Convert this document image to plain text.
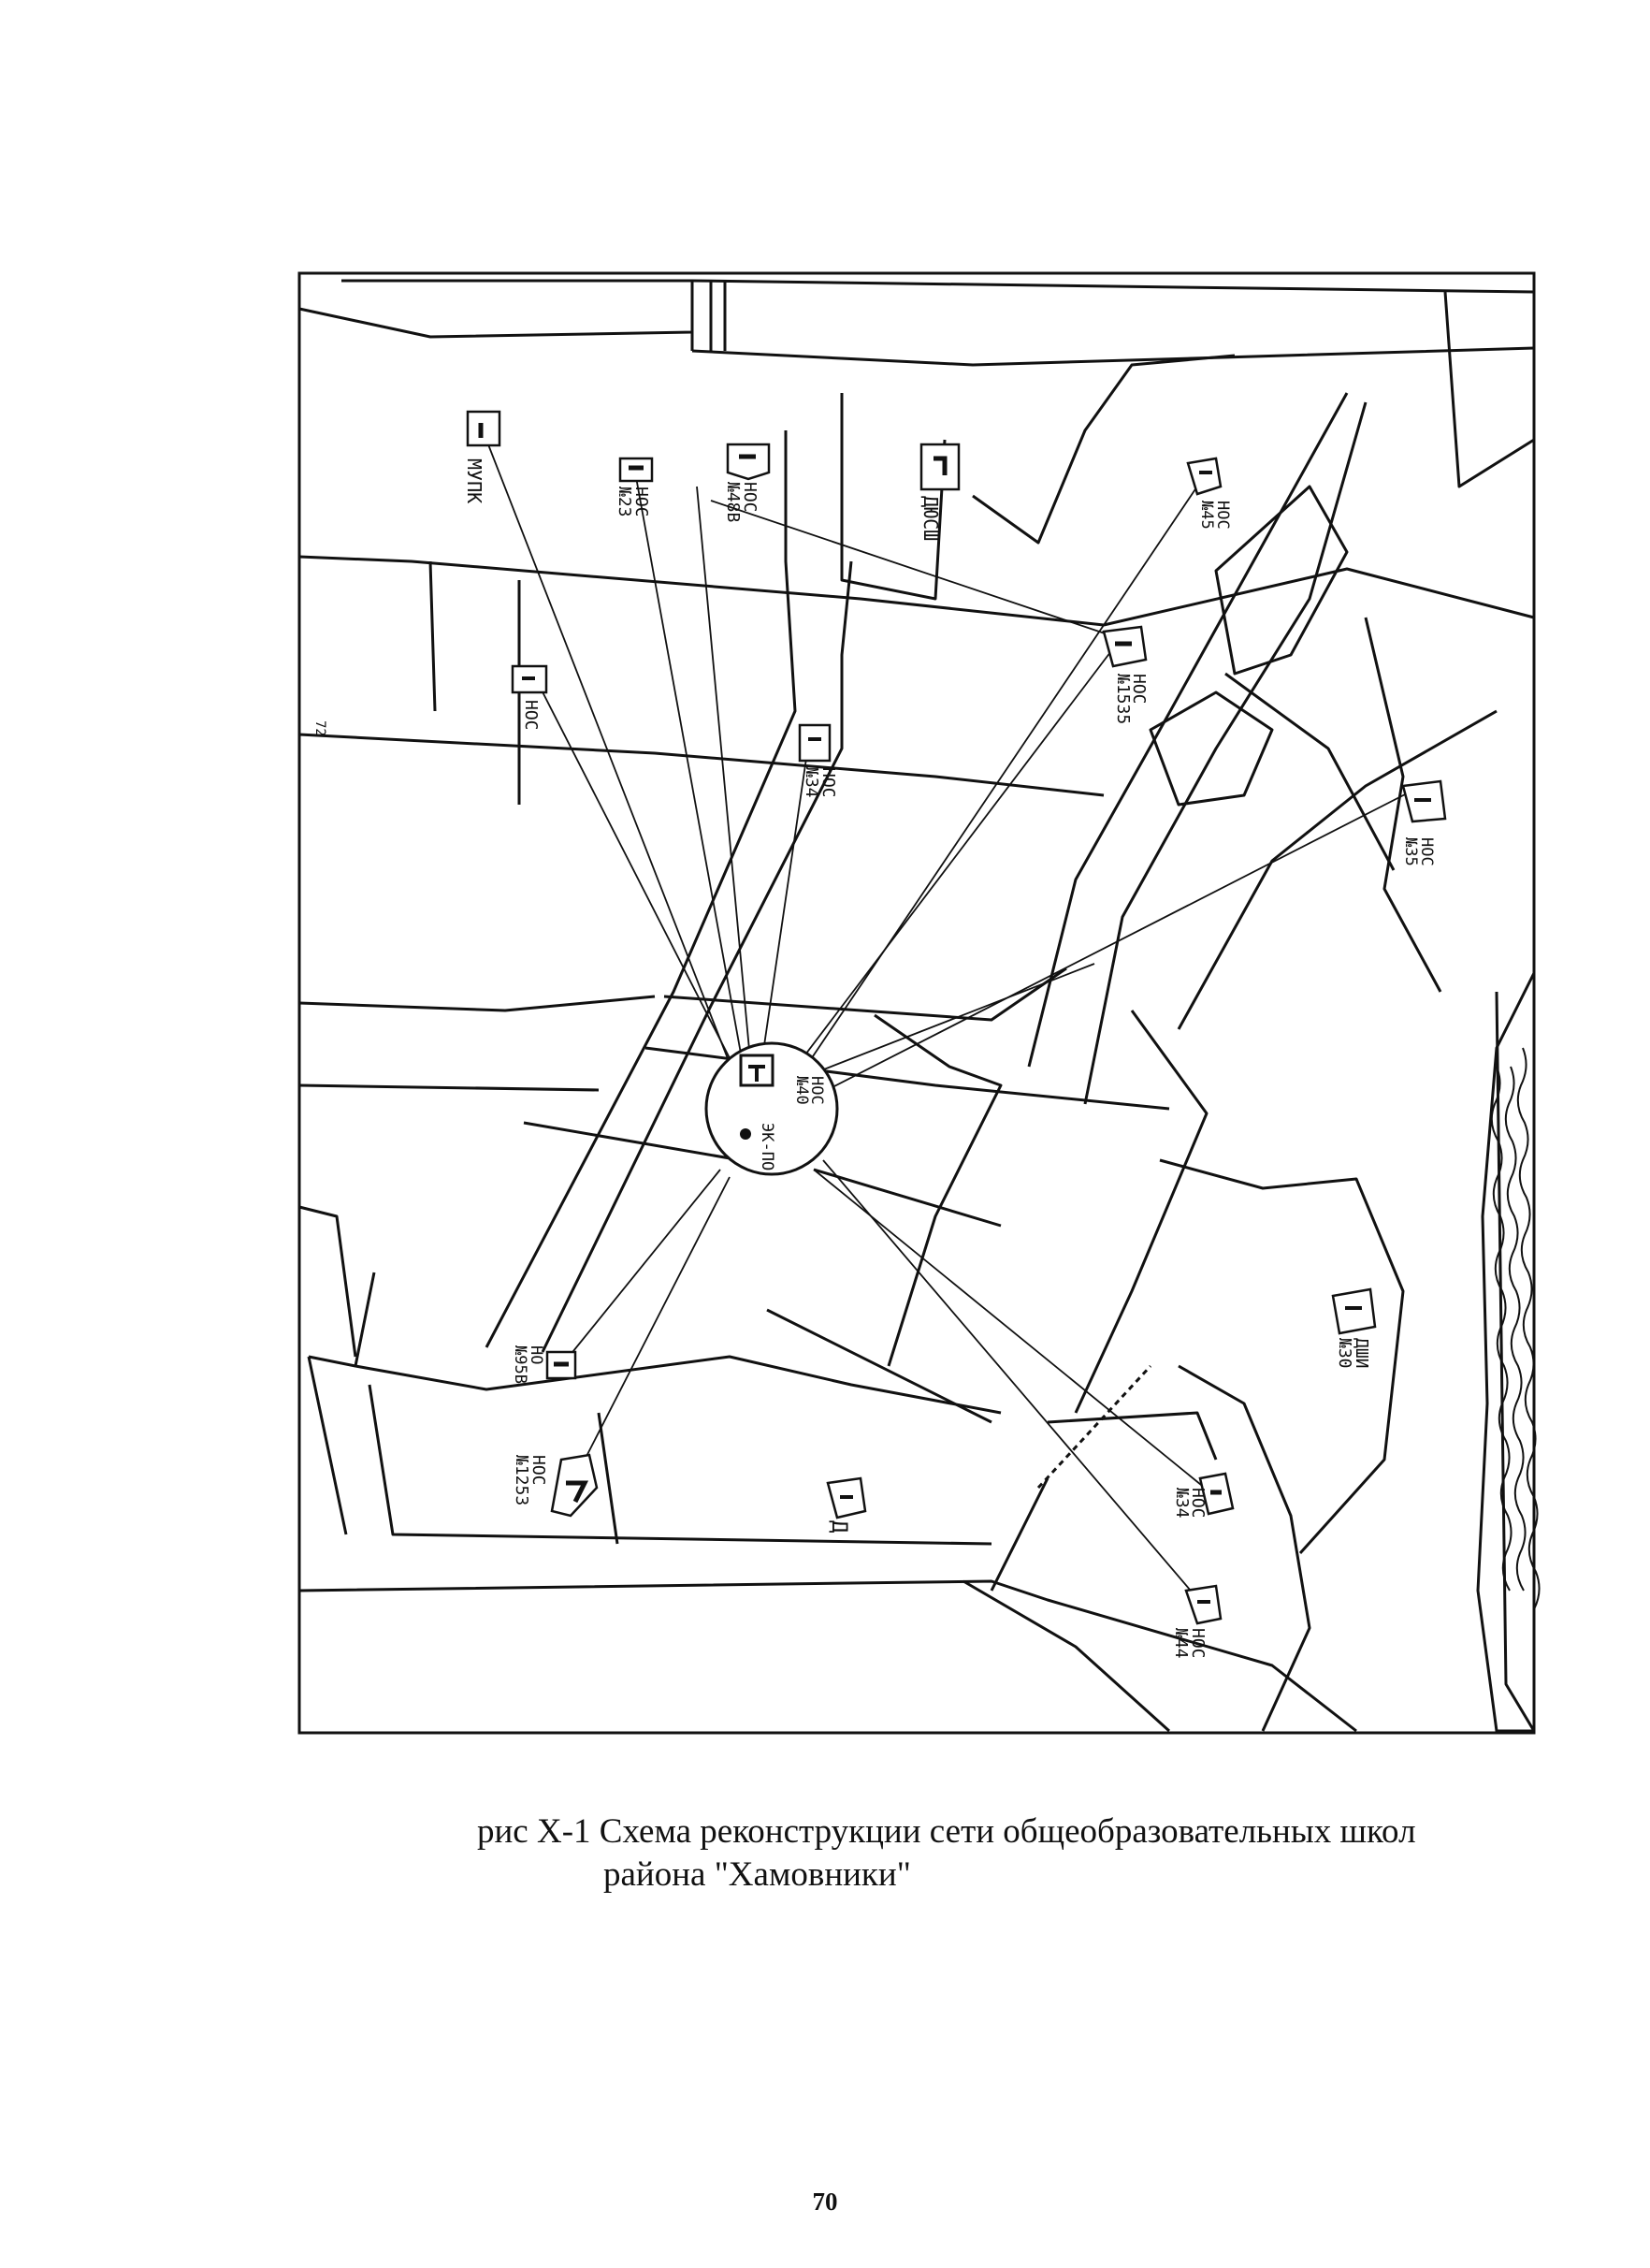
НОС
№40
ЭК-ПО
МУПК	НОС
№23	НОС
№48В	ДЮСШ	НОС
№45
НОС
№1535
НОС
НОС
№34
НОС
№35
НО
№95В
НОС
№1253
Д
НОС
№34
НОС
№44
ДШИ
№30
72
рис X-1 Схема реконструкции сети общеобразовательных школ
района "Хамовники"
70
